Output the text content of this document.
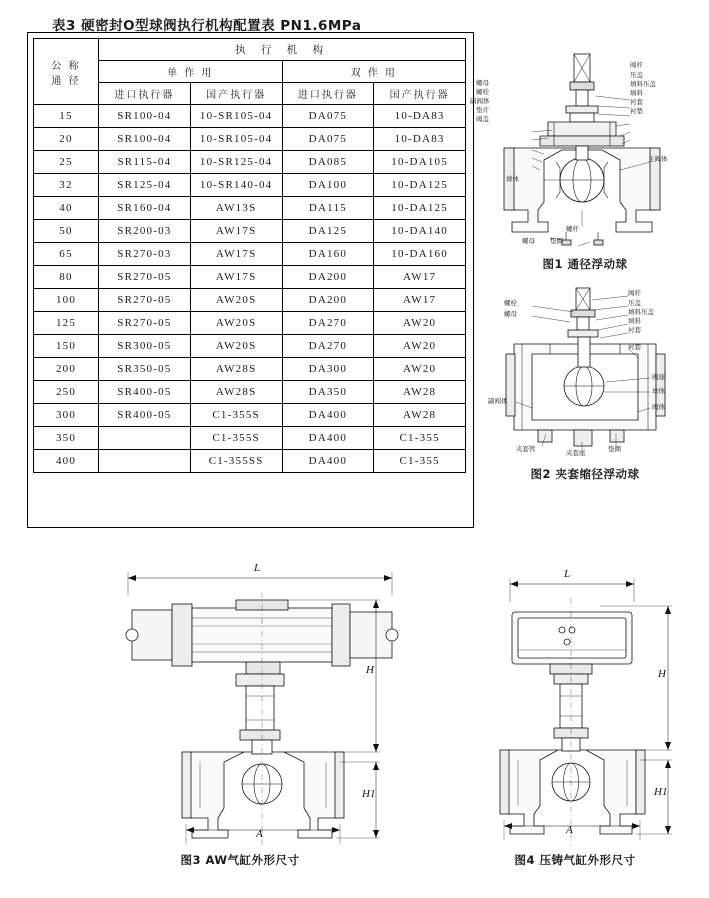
表3 硬密封O型球阀执行机构配置表 PN1.6MPa
公 称
通 径	执 行 机 构			
	单 作 用		双 作 用	
	进口执行器	国产执行器	进口执行器	国产执行器
15	SR100-04	10-SR105-04	DA075	10-DA83
20	SR100-04	10-SR105-04	DA075	10-DA83
25	SR115-04	10-SR125-04	DA085	10-DA105
32	SR125-04	10-SR140-04	DA100	10-DA125
40	SR160-04	AW13S	DA115	10-DA125
50	SR200-03	AW17S	DA125	10-DA140
65	SR270-03	AW17S	DA160	10-DA160
80	SR270-05	AW17S	DA200	AW17
100	SR270-05	AW20S	DA200	AW17
125	SR270-05	AW20S	DA270	AW20
150	SR300-05	AW20S	DA270	AW20
200	SR350-05	AW28S	DA300	AW20
250	SR400-05	AW28S	DA350	AW28
300	SR400-05	C1-355S	DA400	AW28
350		C1-355S	DA400	C1-355
400		C1-355SS	DA400	C1-355
螺母
螺栓
副阀体
垫片
阀盖
阀杆
压盖
填料压盖
填料
衬套
衬垫
球体
螺杆
螺母 垫圈
主阀体
图1 通径浮动球
螺栓
螺母
阀杆
压盖
填料压盖
填料
衬套
衬套
阀座
球体
阀体
副阀体
夹套管	夹套座	垫圈
图2 夹套缩径浮动球
L
H
H1
A
图3 AW气缸外形尺寸
L
H
H1
A
图4 压铸气缸外形尺寸
